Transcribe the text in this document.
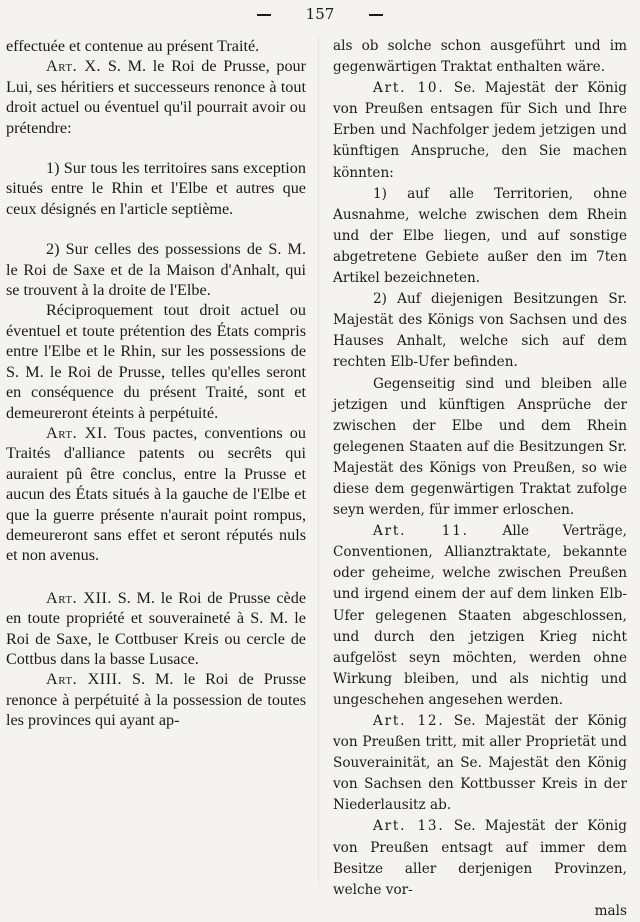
157

effectuée et contenue au présent Traité.

Art. X. S. M. le Roi de Prusse, pour Lui, ses héritiers et successeurs renonce à tout droit actuel ou éventuel qu'il pourrait avoir ou prétendre:

1) Sur tous les territoires sans exception situés entre le Rhin et l'Elbe et autres que ceux désignés en l'article septième.

2) Sur celles des possessions de S. M. le Roi de Saxe et de la Maison d'Anhalt, qui se trouvent à la droite de l'Elbe.

Réciproquement tout droit actuel ou éventuel et toute prétention des États compris entre l'Elbe et le Rhin, sur les possessions de S. M. le Roi de Prusse, telles qu'elles seront en conséquence du présent Traité, sont et demeureront éteints à perpétuité.

Art. XI. Tous pactes, conventions ou Traités d'alliance patents ou secrêts qui auraient pû être conclus, entre la Prusse et aucun des États situés à la gauche de l'Elbe et que la guerre présente n'aurait point rompus, demeureront sans effet et seront réputés nuls et non avenus.

Art. XII. S. M. le Roi de Prusse cède en toute propriété et souveraineté à S. M. le Roi de Saxe, le Cottbuser Kreis ou cercle de Cottbus dans la basse Lusace.

Art. XIII. S. M. le Roi de Prusse renonce à perpétuité à la possession de toutes les provinces qui ayant ap-

als ob solche schon ausgeführt und im gegenwärtigen Traktat enthalten wäre.

Art. 10. Se. Majestät der König von Preußen entsagen für Sich und Ihre Erben und Nachfolger jedem jetzigen und künftigen Anspruche, den Sie machen könnten:

1) auf alle Territorien, ohne Ausnahme, welche zwischen dem Rhein und der Elbe liegen, und auf sonstige abgetretene Gebiete außer den im 7ten Artikel bezeichneten.

2) Auf diejenigen Besitzungen Sr. Majestät des Königs von Sachsen und des Hauses Anhalt, welche sich auf dem rechten Elb-Ufer befinden.

Gegenseitig sind und bleiben alle jetzigen und künftigen Ansprüche der zwischen der Elbe und dem Rhein gelegenen Staaten auf die Besitzungen Sr. Majestät des Königs von Preußen, so wie diese dem gegenwärtigen Traktat zufolge seyn werden, für immer erloschen.

Art. 11. Alle Verträge, Conventionen, Allianztraktate, bekannte oder geheime, welche zwischen Preußen und irgend einem der auf dem linken Elb-Ufer gelegenen Staaten abgeschlossen, und durch den jetzigen Krieg nicht aufgelöst seyn möchten, werden ohne Wirkung bleiben, und als nichtig und ungeschehen angesehen werden.

Art. 12. Se. Majestät der König von Preußen tritt, mit aller Proprietät und Souverainität, an Se. Majestät den König von Sachsen den Kottbusser Kreis in der Niederlausitz ab.

Art. 13. Se. Majestät der König von Preußen entsagt auf immer dem Besitze aller derjenigen Provinzen, welche vor-

mals
